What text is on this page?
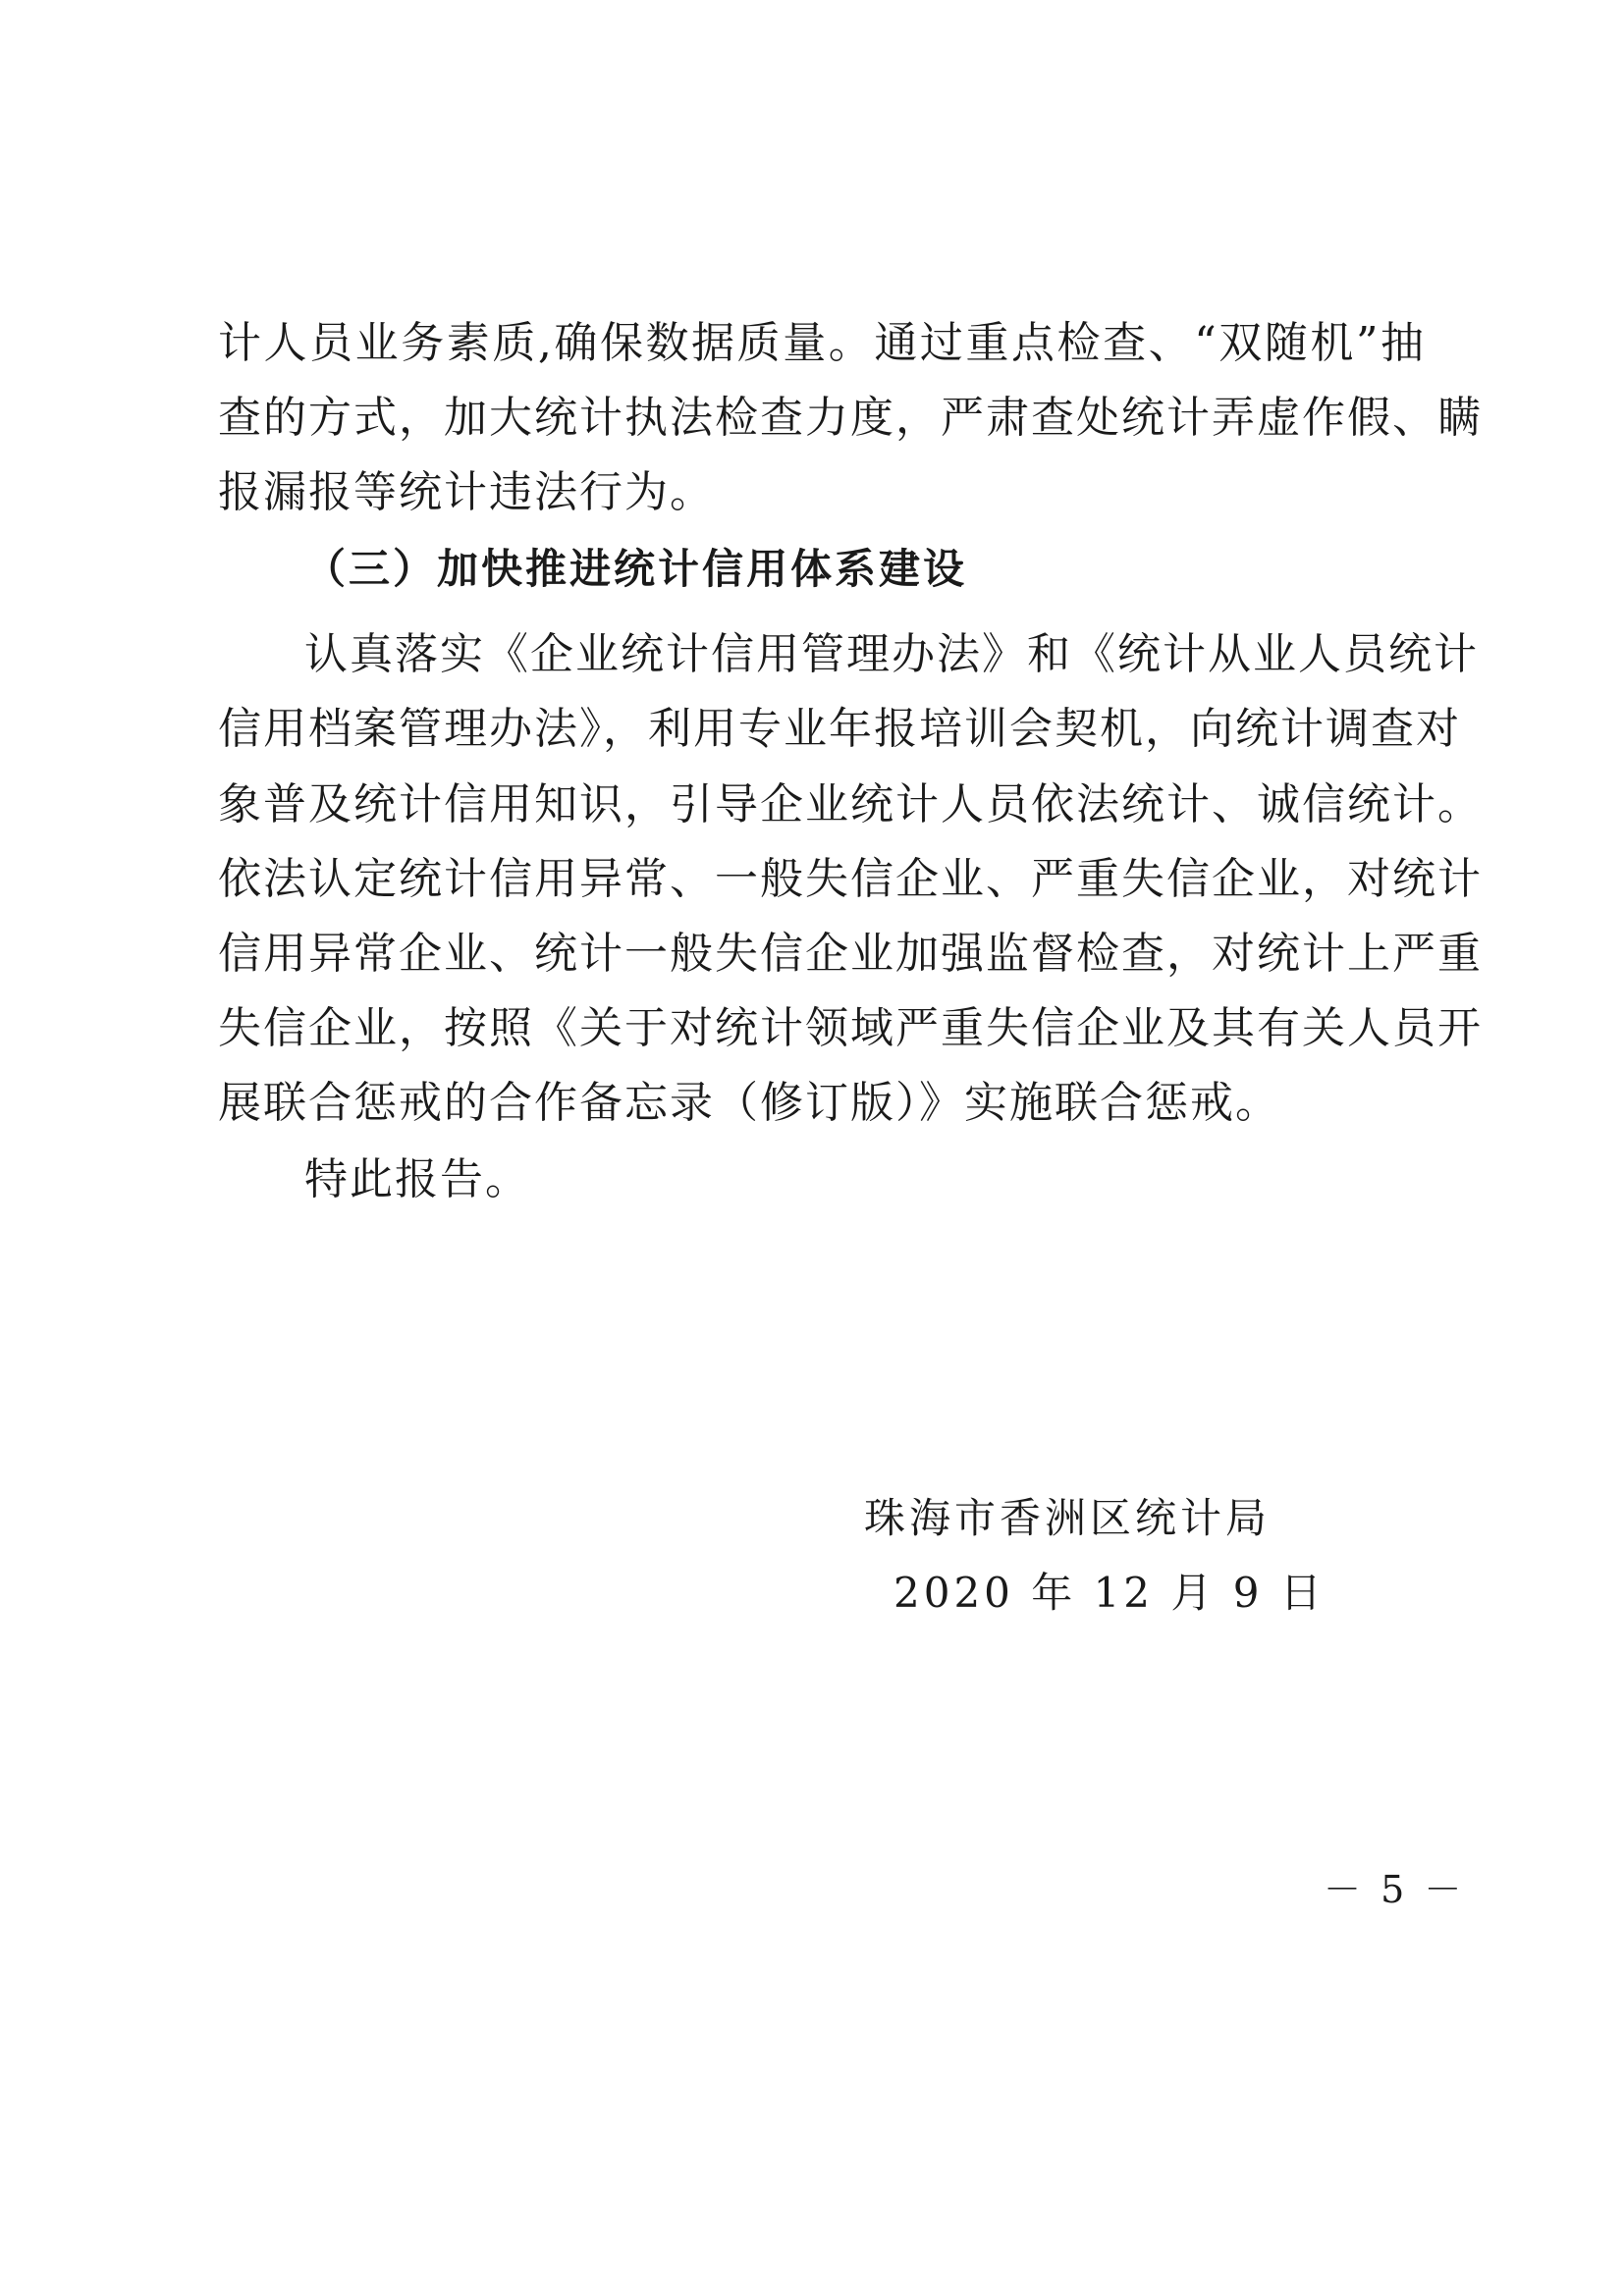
计人员业务素质,确保数据质量。通过重点检查、“双随机”抽
查的方式，加大统计执法检查力度，严肃查处统计弄虚作假、瞒
报漏报等统计违法行为。
（三）加快推进统计信用体系建设
认真落实《企业统计信用管理办法》和《统计从业人员统计
信用档案管理办法》，利用专业年报培训会契机，向统计调查对
象普及统计信用知识，引导企业统计人员依法统计、诚信统计。
依法认定统计信用异常、一般失信企业、严重失信企业，对统计
信用异常企业、统计一般失信企业加强监督检查，对统计上严重
失信企业，按照《关于对统计领域严重失信企业及其有关人员开
展联合惩戒的合作备忘录（修订版）》实施联合惩戒。
特此报告。
珠海市香洲区统计局
2020 年 12 月 9 日
－ 5 －
